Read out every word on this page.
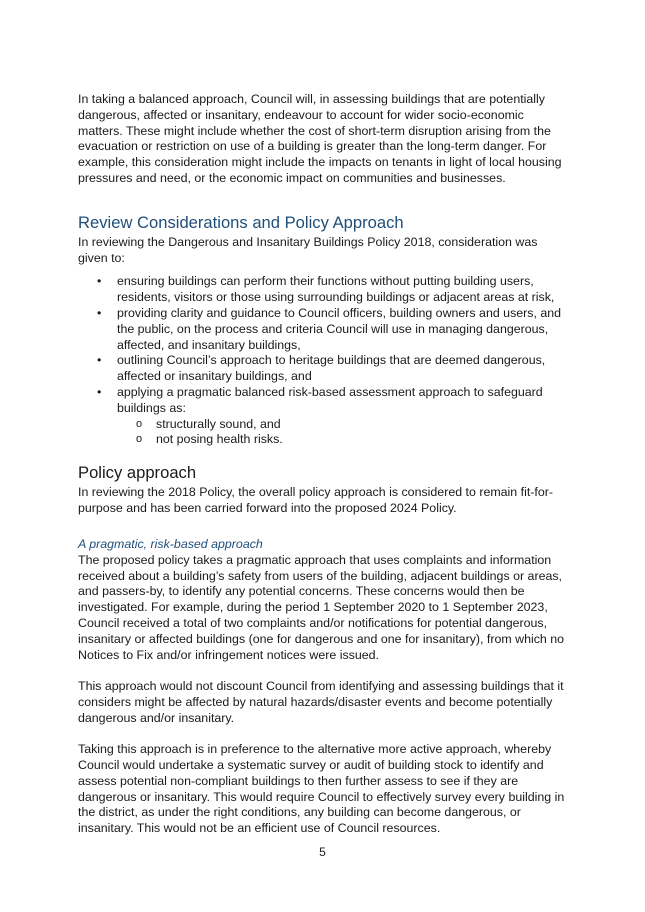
In taking a balanced approach, Council will, in assessing buildings that are potentially dangerous, affected or insanitary, endeavour to account for wider socio-economic matters. These might include whether the cost of short-term disruption arising from the evacuation or restriction on use of a building is greater than the long-term danger. For example, this consideration might include the impacts on tenants in light of local housing pressures and need, or the economic impact on communities and businesses.

Review Considerations and Policy Approach

In reviewing the Dangerous and Insanitary Buildings Policy 2018, consideration was given to:

• ensuring buildings can perform their functions without putting building users, residents, visitors or those using surrounding buildings or adjacent areas at risk,
• providing clarity and guidance to Council officers, building owners and users, and the public, on the process and criteria Council will use in managing dangerous, affected, and insanitary buildings,
• outlining Council’s approach to heritage buildings that are deemed dangerous, affected or insanitary buildings, and
• applying a pragmatic balanced risk-based assessment approach to safeguard buildings as:
o structurally sound, and
o not posing health risks.
Policy approach

In reviewing the 2018 Policy, the overall policy approach is considered to remain fit-for-purpose and has been carried forward into the proposed 2024 Policy.

A pragmatic, risk-based approach

The proposed policy takes a pragmatic approach that uses complaints and information received about a building’s safety from users of the building, adjacent buildings or areas, and passers-by, to identify any potential concerns. These concerns would then be investigated. For example, during the period 1 September 2020 to 1 September 2023, Council received a total of two complaints and/or notifications for potential dangerous, insanitary or affected buildings (one for dangerous and one for insanitary), from which no Notices to Fix and/or infringement notices were issued.

This approach would not discount Council from identifying and assessing buildings that it considers might be affected by natural hazards/disaster events and become potentially dangerous and/or insanitary.

Taking this approach is in preference to the alternative more active approach, whereby Council would undertake a systematic survey or audit of building stock to identify and assess potential non-compliant buildings to then further assess to see if they are dangerous or insanitary. This would require Council to effectively survey every building in the district, as under the right conditions, any building can become dangerous, or insanitary. This would not be an efficient use of Council resources.

5
